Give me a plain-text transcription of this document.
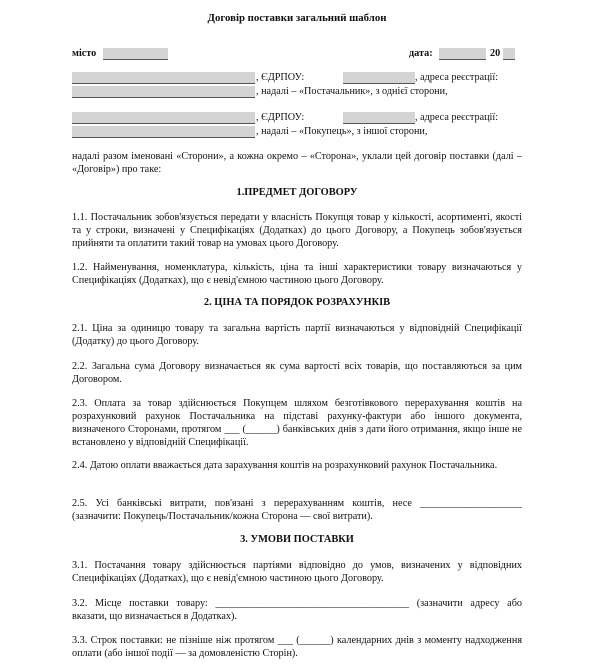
Договір поставки загальний шаблон
місто	дата:	20
, ЄДРПОУ:	, адреса реєстрації:
, надалі – «Постачальник», з однієї сторони,
, ЄДРПОУ:	, адреса реєстрації:
, надалі – «Покупець», з іншої сторони,
надалі разом іменовані «Сторони», а кожна окремо – «Сторона», уклали цей договір поставки (далі – «Договір») про таке:
1.ПРЕДМЕТ ДОГОВОРУ
1.1. Постачальник зобов'язується передати у власність Покупця товар у кількості, асортименті, якості та у строки, визначені у Специфікаціях (Додатках) до цього Договору, а Покупець зобов'язується прийняти та оплатити такий товар на умовах цього Договору.
1.2. Найменування, номенклатура, кількість, ціна та інші характеристики товару визначаються у Специфікаціях (Додатках), що є невід'ємною частиною цього Договору.
2. ЦІНА ТА ПОРЯДОК РОЗРАХУНКІВ
2.1. Ціна за одиницю товару та загальна вартість партії визначаються у відповідній Специфікації (Додатку) до цього Договору.
2.2. Загальна сума Договору визначається як сума вартості всіх товарів, що поставляються за цим Договором.
2.3. Оплата за товар здійснюється Покупцем шляхом безготівкового перерахування коштів на розрахунковий рахунок Постачальника на підставі рахунку-фактури або іншого документа, визначеного Сторонами, протягом ___ (______) банківських днів з дати його отримання, якщо інше не встановлено у відповідній Специфікації.
2.4. Датою оплати вважається дата зарахування коштів на розрахунковий рахунок Постачальника.
2.5. Усі банківські витрати, пов'язані з перерахуванням коштів, несе ____________________ (зазначити: Покупець/Постачальник/кожна Сторона — свої витрати).
3. УМОВИ ПОСТАВКИ
3.1. Постачання товару здійснюється партіями відповідно до умов, визначених у відповідних Специфікаціях (Додатках), що є невід'ємною частиною цього Договору.
3.2. Місце поставки товару: ______________________________________ (зазначити адресу або вказати, що визначається в Додатках).
3.3. Строк поставки: не пізніше ніж протягом ___ (______) календарних днів з моменту надходження оплати (або іншої події — за домовленістю Сторін).
